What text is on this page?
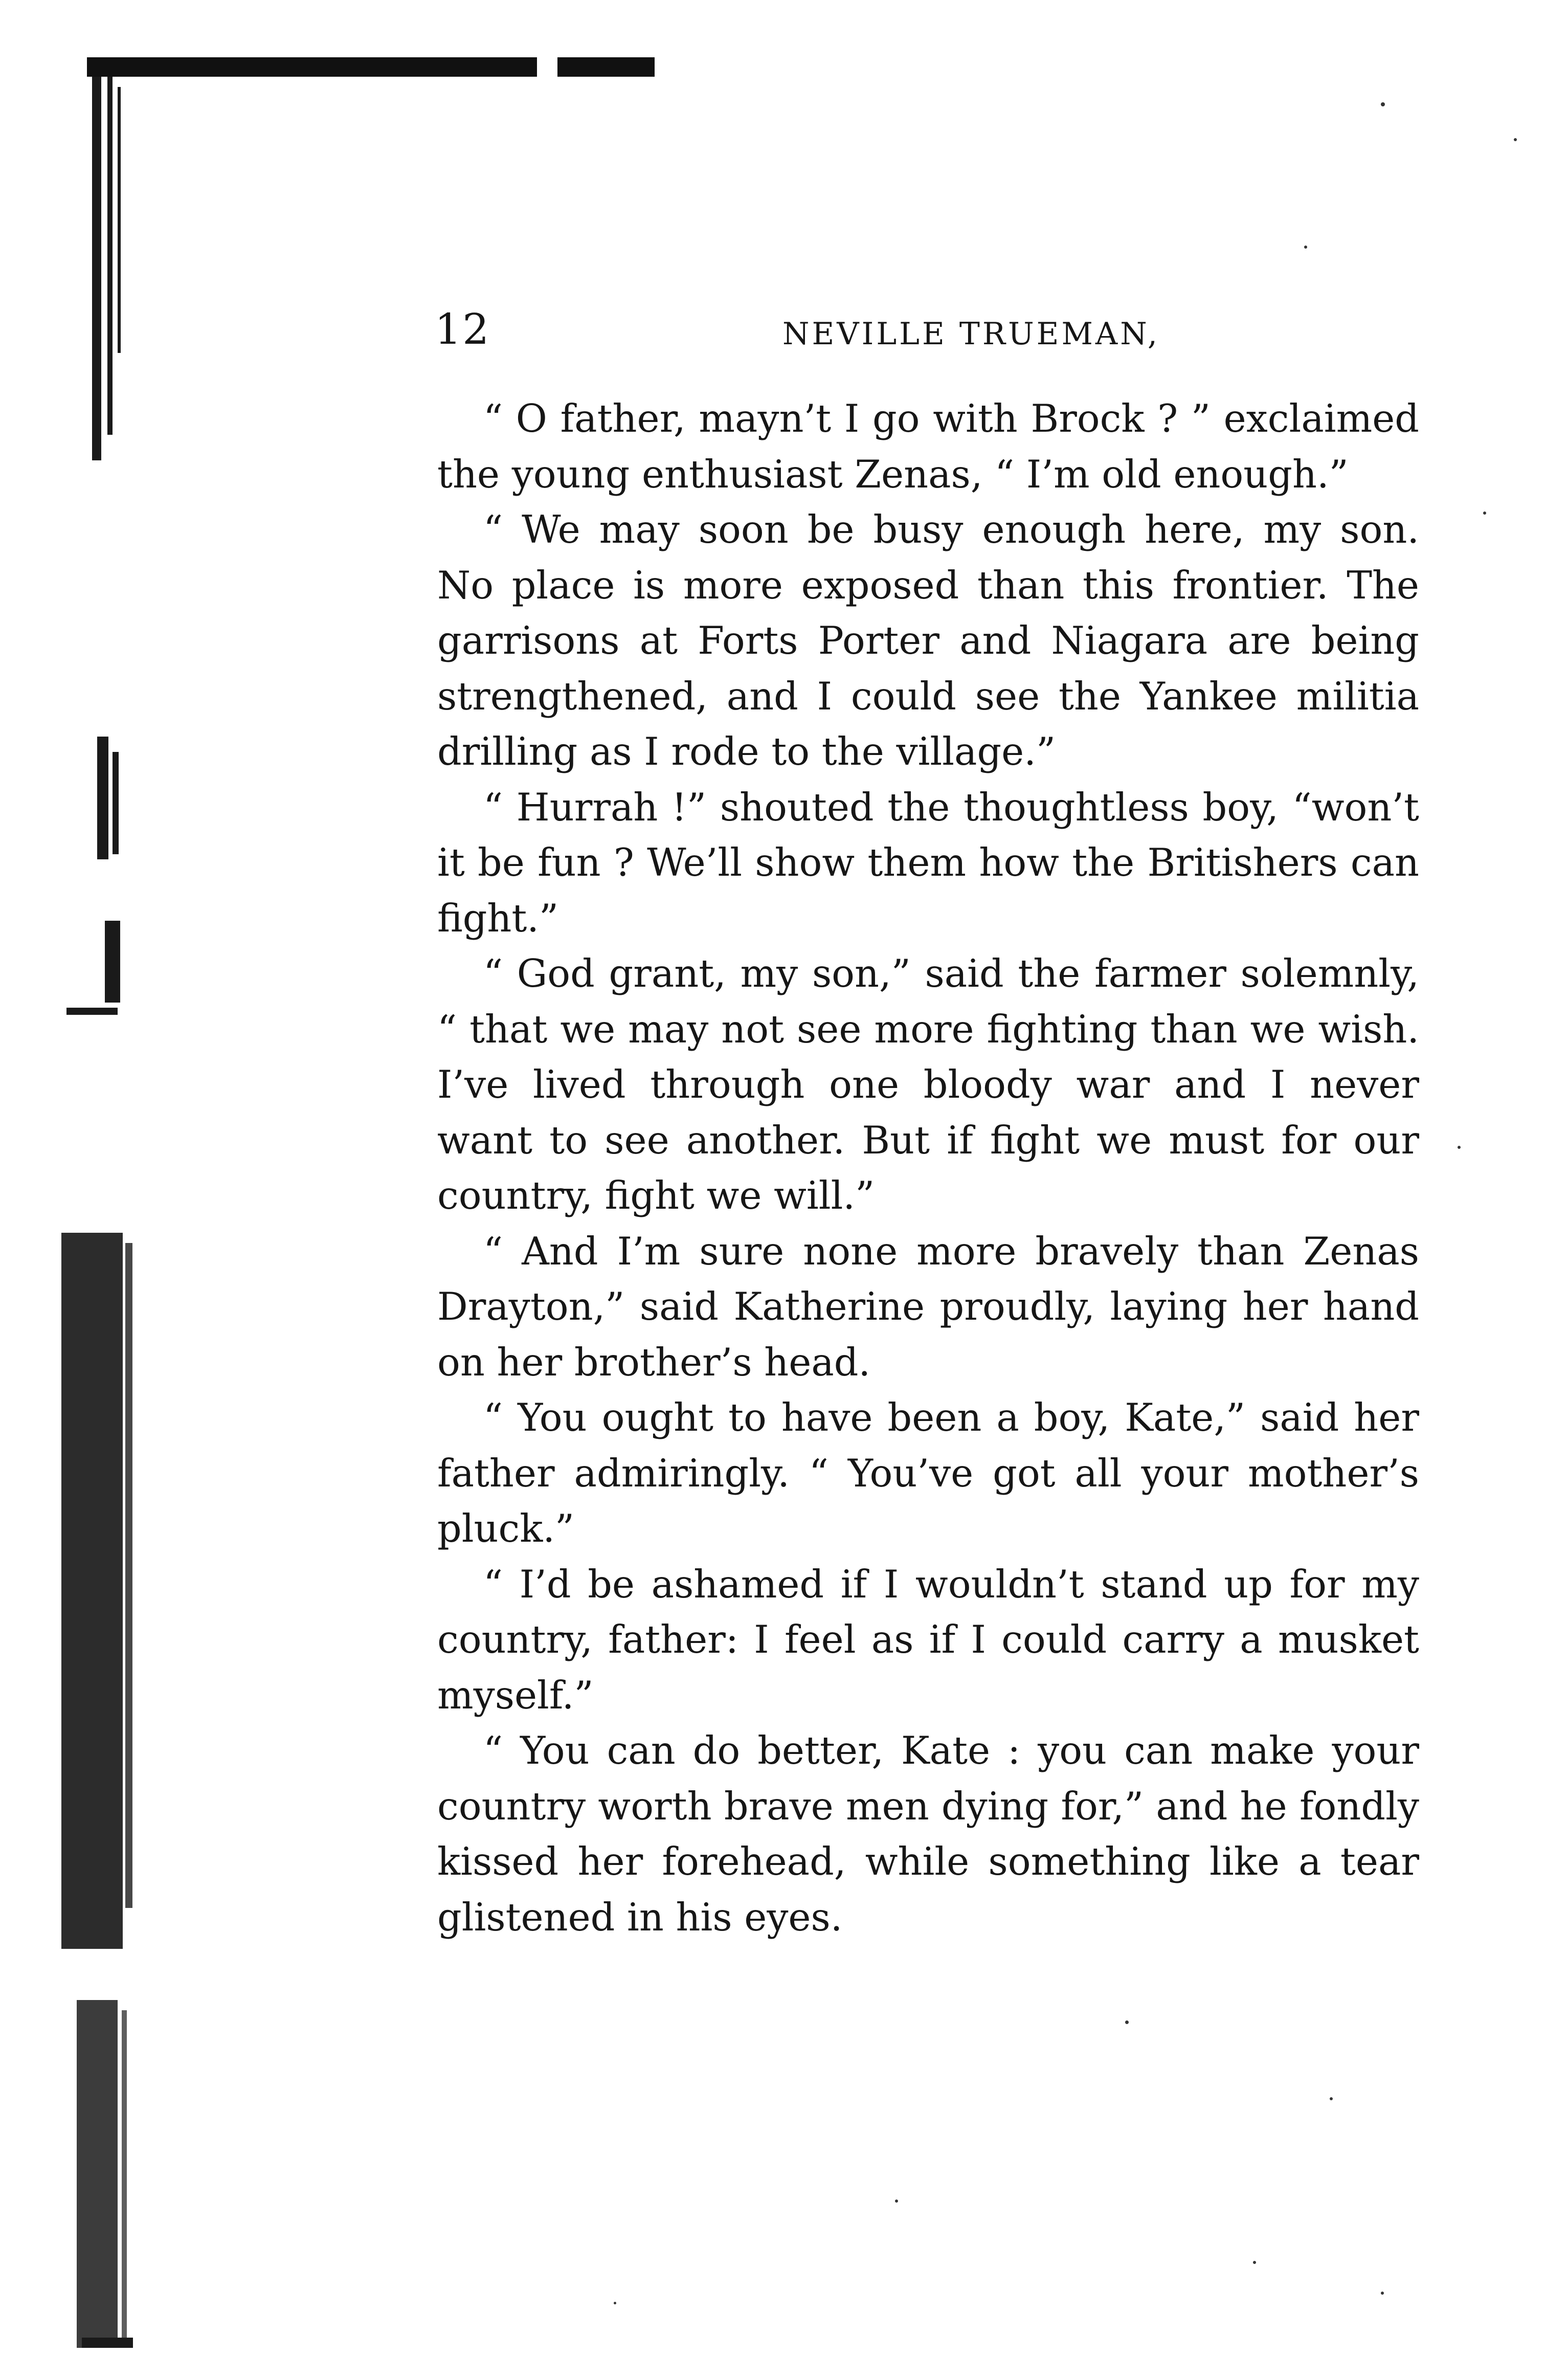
12	NEVILLE TRUEMAN,

“ O father, mayn’t I go with Brock ? ” exclaimed the young enthusiast Zenas, “ I’m old enough.”

“ We may soon be busy enough here, my son. No place is more exposed than this frontier. The garrisons at Forts Porter and Niagara are being strengthened, and I could see the Yankee militia drilling as I rode to the village.”

“ Hurrah !” shouted the thoughtless boy, “won’t it be fun ? We’ll show them how the Britishers can fight.”

“ God grant, my son,” said the farmer solemnly, “ that we may not see more fighting than we wish. I’ve lived through one bloody war and I never want to see another. But if fight we must for our country, fight we will.”

“ And I’m sure none more bravely than Zenas Drayton,” said Katherine proudly, laying her hand on her brother’s head.

“ You ought to have been a boy, Kate,” said her father admiringly. “ You’ve got all your mother’s pluck.”

“ I’d be ashamed if I wouldn’t stand up for my country, father: I feel as if I could carry a musket myself.”

“ You can do better, Kate : you can make your country worth brave men dying for,” and he fondly kissed her forehead, while something like a tear glistened in his eyes.
